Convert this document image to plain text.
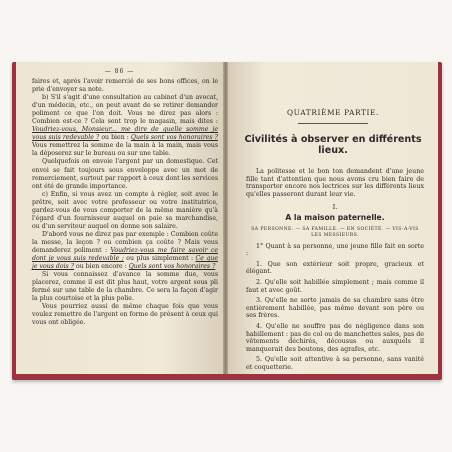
— 86 —

faires et, après l'avoir remercié de ses bons offices, on le prie d'envoyer sa note.

b) S'il s'agit d'une consultation au cabinet d'un avocat, d'un médecin, etc., on peut avant de se retirer demander poliment ce que l'on doit. Vous ne direz pas alors : Combien est-ce ? Cela sent trop le magasin, mais dites : Voudriez-vous, Monsieur... me dire de quelle somme je vous suis redevable ? ou bien : Quels sont vos honoraires ? Vous remettrez la somme de la main à la main, mais vous la déposerez sur le bureau ou sur une table.

Quelquefois on envoie l'argent par un domestique. Cet envoi se fait toujours sous enveloppe avec un mot de remerciement, surtout par rapport à ceux dont les services ont été de grande importance.

c) Enfin, si vous avez un compte à régler, soit avec le prêtre, soit avec votre professeur ou votre institutrice, gardez-vous de vous comporter de la même manière qu'à l'égard d'un fournisseur auquel on paie sa marchandise, ou d'un serviteur auquel on donne son salaire.

D'abord vous ne direz pas par exemple : Combien coûte la messe, la leçon ? ou combien ça coûte ? Mais vous demanderez poliment : Voudriez-vous me faire savoir ce dont je vous suis redevable ; ou plus simplement : Ce que je vous dois ? ou bien encore : Quels sont vos honoraires ?

Si vous connaissez d'avance la somme due, vous placerez, comme il est dit plus haut, votre argent sous pli fermé sur une table de la chambre. Ce sera la façon d'agir la plus courtoise et la plus polie.

Vous pourriez aussi de même chaque fois que vous voulez remettre de l'argent en forme de présent à ceux qui vous ont obligée.

QUATRIÈME PARTIE.

Civilités à observer en différents lieux.

La politesse et le bon ton demandent d'une jeune fille tant d'attention que nous avons cru bien faire de transporter encore nos lectrices sur les différents lieux qu'elles passeront durant leur vie.

I.

A la maison paternelle.

SA PERSONNE. — SA FAMILLE. — EN SOCIÉTÉ. — VIS-A-VIS LES MESSIEURS.

1° Quant à sa personne, une jeune fille fait en sorte :

1. Que son extérieur soit propre, gracieux et élégant.

2. Qu'elle soit habillée simplement ; mais comme il faut et avec goût.

3. Qu'elle ne sorte jamais de sa chambre sans être entièrement habillée, pas même devant son père ou ses frères.

4. Qu'elle ne souffre pas de négligence dans son habillement : pas de col ou de manchettes sales, pas de vêtements déchirés, décousus ou auxquels il manquerait des boutons, des agrafes, etc.

5. Qu'elle soit attentive à sa personne, sans vanité et coquetterie.
